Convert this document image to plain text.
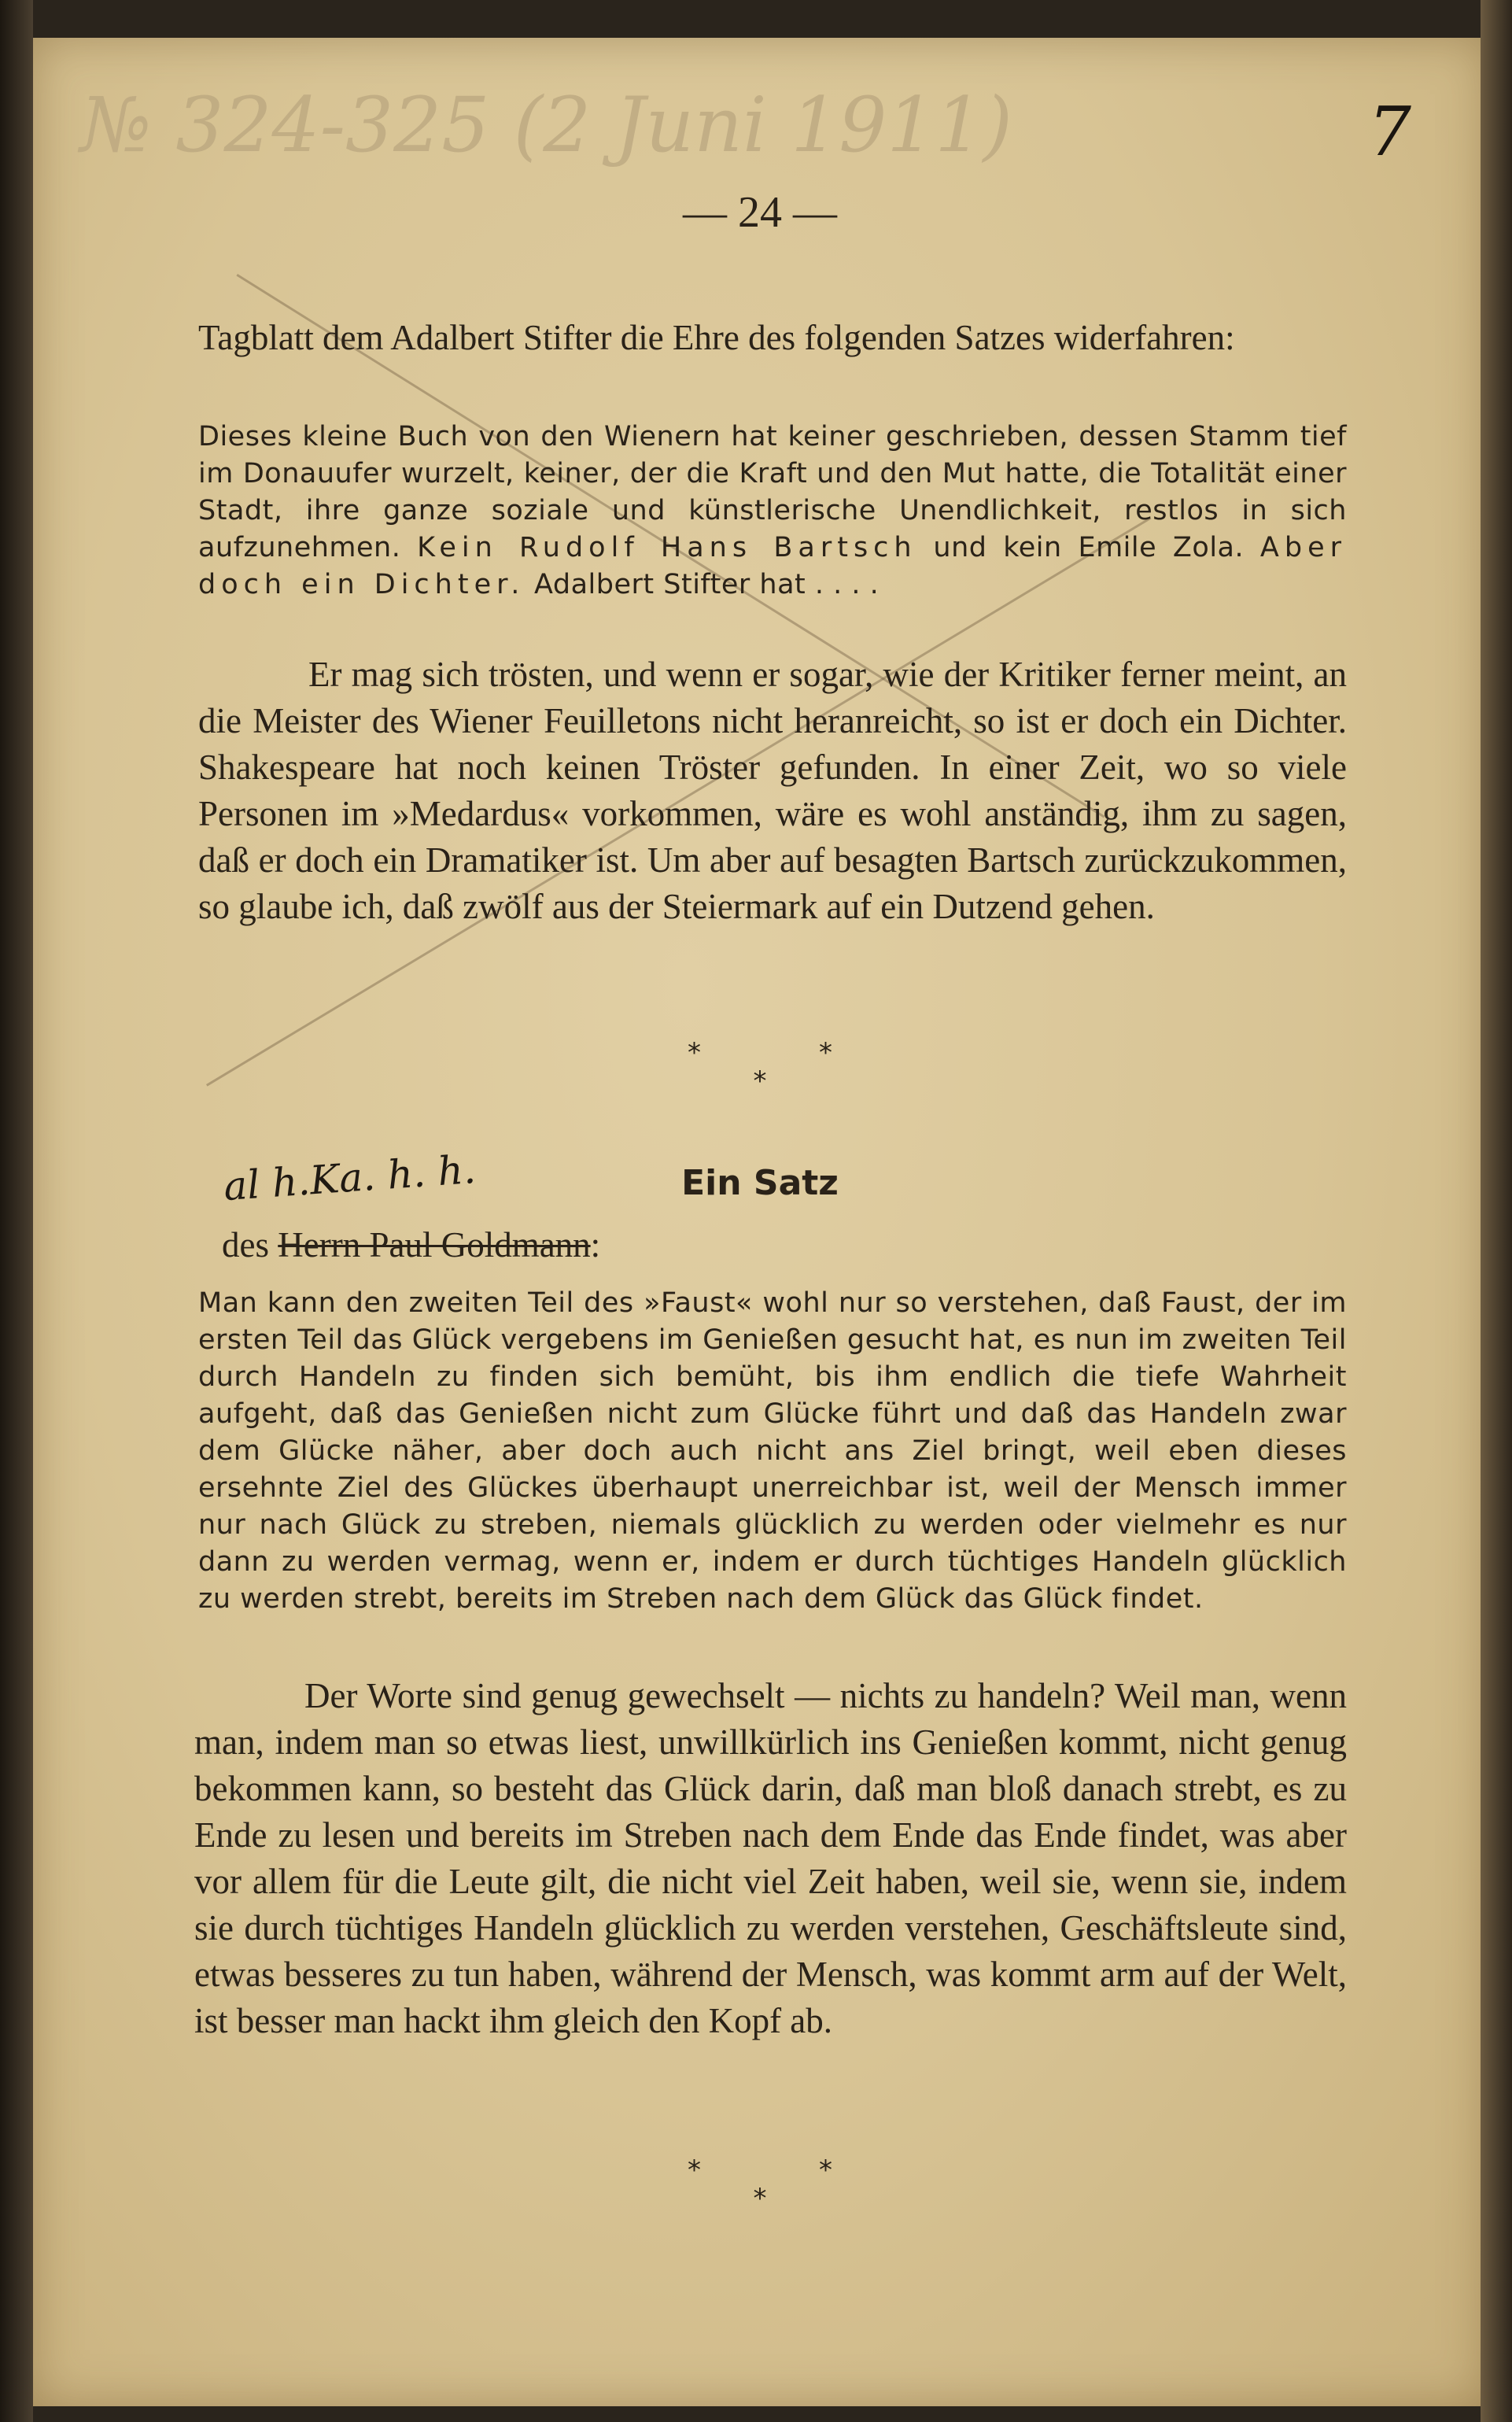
№ 324-325 (2 Juni 1911)	7
— 24 —
Tagblatt dem Adalbert Stifter die Ehre des folgenden Satzes widerfahren:
Dieses kleine Buch von den Wienern hat keiner geschrieben, dessen Stamm tief im Donauufer wurzelt, keiner, der die Kraft und den Mut hatte, die Totalität einer Stadt, ihre ganze soziale und künstlerische Unendlichkeit, restlos in sich aufzunehmen. Kein Rudolf Hans Bartsch und kein Emile Zola. Aber doch ein Dichter. Adalbert Stifter hat . . . .
Er mag sich trösten, und wenn er sogar, wie der Kritiker ferner meint, an die Meister des Wiener Feuilletons nicht heranreicht, so ist er doch ein Dichter. Shakespeare hat noch keinen Tröster gefunden. In einer Zeit, wo so viele Personen im »Medardus« vorkommen, wäre es wohl anständig, ihm zu sagen, daß er doch ein Dramatiker ist. Um aber auf besagten Bartsch zurückzukommen, so glaube ich, daß zwölf aus der Steiermark auf ein Dutzend gehen.
*	*
*
al h.Ka. h. h.	Ein Satz
des Herrn Paul Goldmann:
Man kann den zweiten Teil des »Faust« wohl nur so verstehen, daß Faust, der im ersten Teil das Glück vergebens im Genießen gesucht hat, es nun im zweiten Teil durch Handeln zu finden sich bemüht, bis ihm endlich die tiefe Wahrheit aufgeht, daß das Genießen nicht zum Glücke führt und daß das Handeln zwar dem Glücke näher, aber doch auch nicht ans Ziel bringt, weil eben dieses ersehnte Ziel des Glückes überhaupt unerreichbar ist, weil der Mensch immer nur nach Glück zu streben, niemals glücklich zu werden oder vielmehr es nur dann zu werden vermag, wenn er, indem er durch tüchtiges Handeln glücklich zu werden strebt, bereits im Streben nach dem Glück das Glück findet.
Der Worte sind genug gewechselt — nichts zu handeln? Weil man, wenn man, indem man so etwas liest, unwillkürlich ins Genießen kommt, nicht genug bekommen kann, so besteht das Glück darin, daß man bloß danach strebt, es zu Ende zu lesen und bereits im Streben nach dem Ende das Ende findet, was aber vor allem für die Leute gilt, die nicht viel Zeit haben, weil sie, wenn sie, indem sie durch tüchtiges Handeln glücklich zu werden verstehen, Geschäftsleute sind, etwas besseres zu tun haben, während der Mensch, was kommt arm auf der Welt, ist besser man hackt ihm gleich den Kopf ab.
*	*
*
